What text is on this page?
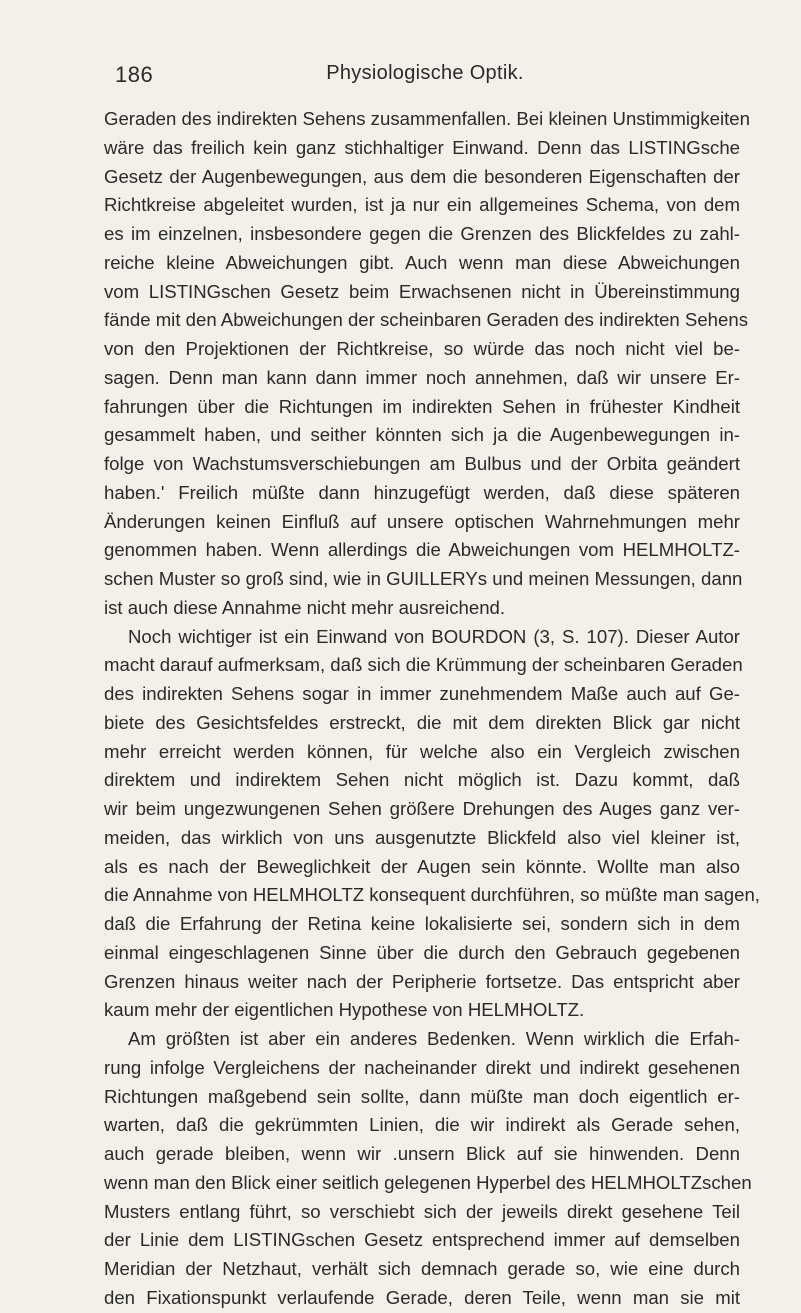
186	Physiologische Optik.
Geraden des indirekten Sehens zusammenfallen. Bei kleinen Unstimmigkeiten
wäre das freilich kein ganz stichhaltiger Einwand. Denn das LISTINGsche
Gesetz der Augenbewegungen, aus dem die besonderen Eigenschaften der
Richtkreise abgeleitet wurden, ist ja nur ein allgemeines Schema, von dem
es im einzelnen, insbesondere gegen die Grenzen des Blickfeldes zu zahl-
reiche kleine Abweichungen gibt. Auch wenn man diese Abweichungen
vom LISTINGschen Gesetz beim Erwachsenen nicht in Übereinstimmung
fände mit den Abweichungen der scheinbaren Geraden des indirekten Sehens
von den Projektionen der Richtkreise, so würde das noch nicht viel be-
sagen. Denn man kann dann immer noch annehmen, daß wir unsere Er-
fahrungen über die Richtungen im indirekten Sehen in frühester Kindheit
gesammelt haben, und seither könnten sich ja die Augenbewegungen in-
folge von Wachstumsverschiebungen am Bulbus und der Orbita geändert
haben.' Freilich müßte dann hinzugefügt werden, daß diese späteren
Änderungen keinen Einfluß auf unsere optischen Wahrnehmungen mehr
genommen haben. Wenn allerdings die Abweichungen vom HELMHOLTZ-
schen Muster so groß sind, wie in GUILLERYs und meinen Messungen, dann
ist auch diese Annahme nicht mehr ausreichend.
Noch wichtiger ist ein Einwand von BOURDON (3, S. 107). Dieser Autor
macht darauf aufmerksam, daß sich die Krümmung der scheinbaren Geraden
des indirekten Sehens sogar in immer zunehmendem Maße auch auf Ge-
biete des Gesichtsfeldes erstreckt, die mit dem direkten Blick gar nicht
mehr erreicht werden können, für welche also ein Vergleich zwischen
direktem und indirektem Sehen nicht möglich ist. Dazu kommt, daß
wir beim ungezwungenen Sehen größere Drehungen des Auges ganz ver-
meiden, das wirklich von uns ausgenutzte Blickfeld also viel kleiner ist,
als es nach der Beweglichkeit der Augen sein könnte. Wollte man also
die Annahme von HELMHOLTZ konsequent durchführen, so müßte man sagen,
daß die Erfahrung der Retina keine lokalisierte sei, sondern sich in dem
einmal eingeschlagenen Sinne über die durch den Gebrauch gegebenen
Grenzen hinaus weiter nach der Peripherie fortsetze. Das entspricht aber
kaum mehr der eigentlichen Hypothese von HELMHOLTZ.
Am größten ist aber ein anderes Bedenken. Wenn wirklich die Erfah-
rung infolge Vergleichens der nacheinander direkt und indirekt gesehenen
Richtungen maßgebend sein sollte, dann müßte man doch eigentlich er-
warten, daß die gekrümmten Linien, die wir indirekt als Gerade sehen,
auch gerade bleiben, wenn wir .unsern Blick auf sie hinwenden. Denn
wenn man den Blick einer seitlich gelegenen Hyperbel des HELMHOLTZschen
Musters entlang führt, so verschiebt sich der jeweils direkt gesehene Teil
der Linie dem LISTINGschen Gesetz entsprechend immer auf demselben
Meridian der Netzhaut, verhält sich demnach gerade so, wie eine durch
den Fixationspunkt verlaufende Gerade, deren Teile, wenn man sie mit
